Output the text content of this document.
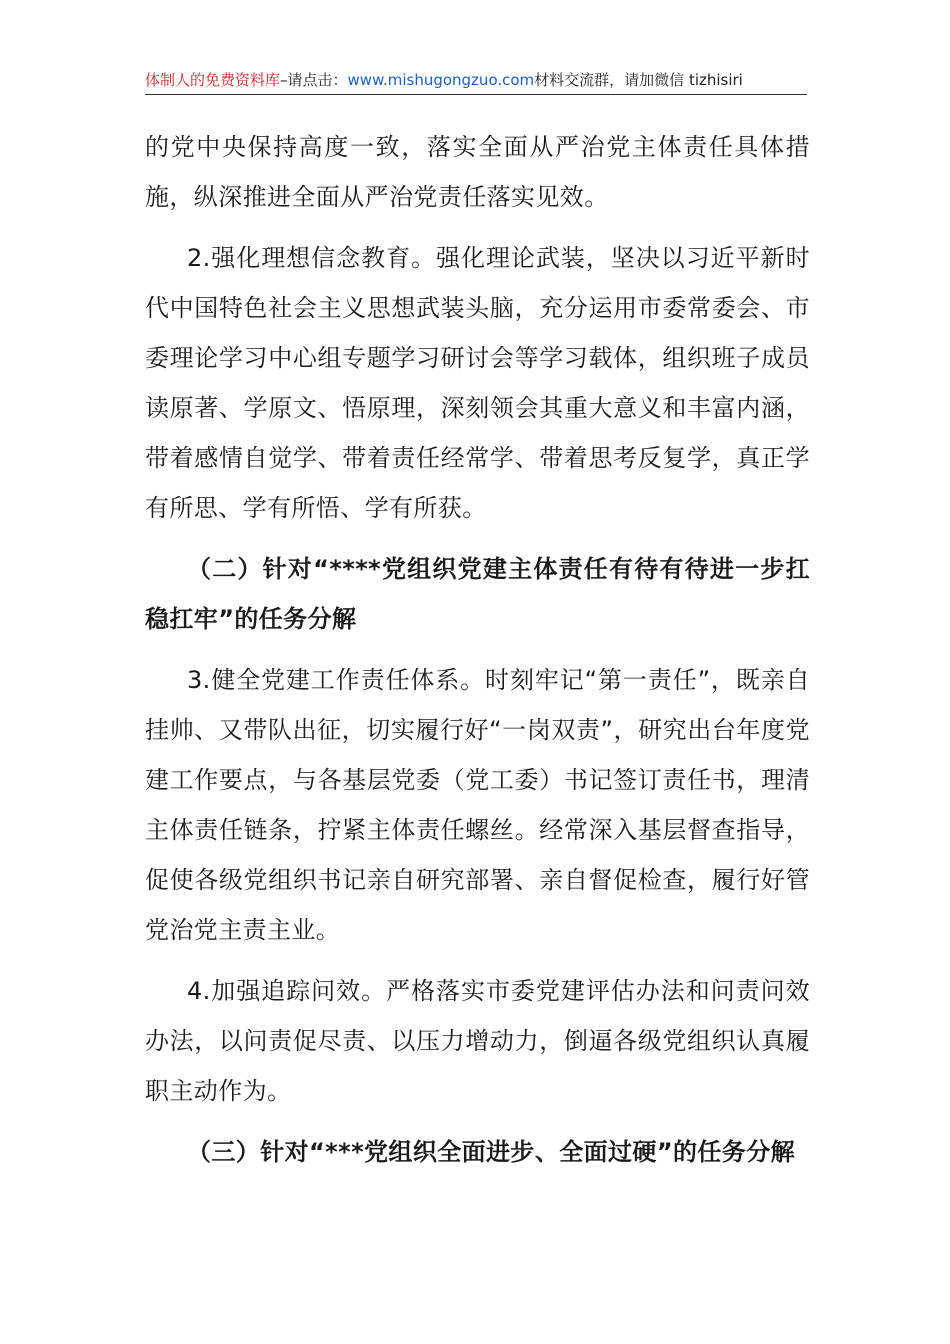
体制人的免费资料库–请点击：www.mishugongzuo.com材料交流群，请加微信 tizhisiri

的党中央保持高度一致，落实全面从严治党主体责任具体措施，纵深推进全面从严治党责任落实见效。

2.强化理想信念教育。强化理论武装，坚决以习近平新时代中国特色社会主义思想武装头脑，充分运用市委常委会、市委理论学习中心组专题学习研讨会等学习载体，组织班子成员读原著、学原文、悟原理，深刻领会其重大意义和丰富内涵，带着感情自觉学、带着责任经常学、带着思考反复学，真正学有所思、学有所悟、学有所获。

（二）针对“****党组织党建主体责任有待有待进一步扛稳扛牢”的任务分解

3.健全党建工作责任体系。时刻牢记“第一责任”，既亲自挂帅、又带队出征，切实履行好“一岗双责”，研究出台年度党建工作要点，与各基层党委（党工委）书记签订责任书，理清主体责任链条，拧紧主体责任螺丝。经常深入基层督查指导，促使各级党组织书记亲自研究部署、亲自督促检查，履行好管党治党主责主业。

4.加强追踪问效。严格落实市委党建评估办法和问责问效办法，以问责促尽责、以压力增动力，倒逼各级党组织认真履职主动作为。

（三）针对“***党组织全面进步、全面过硬”的任务分解
